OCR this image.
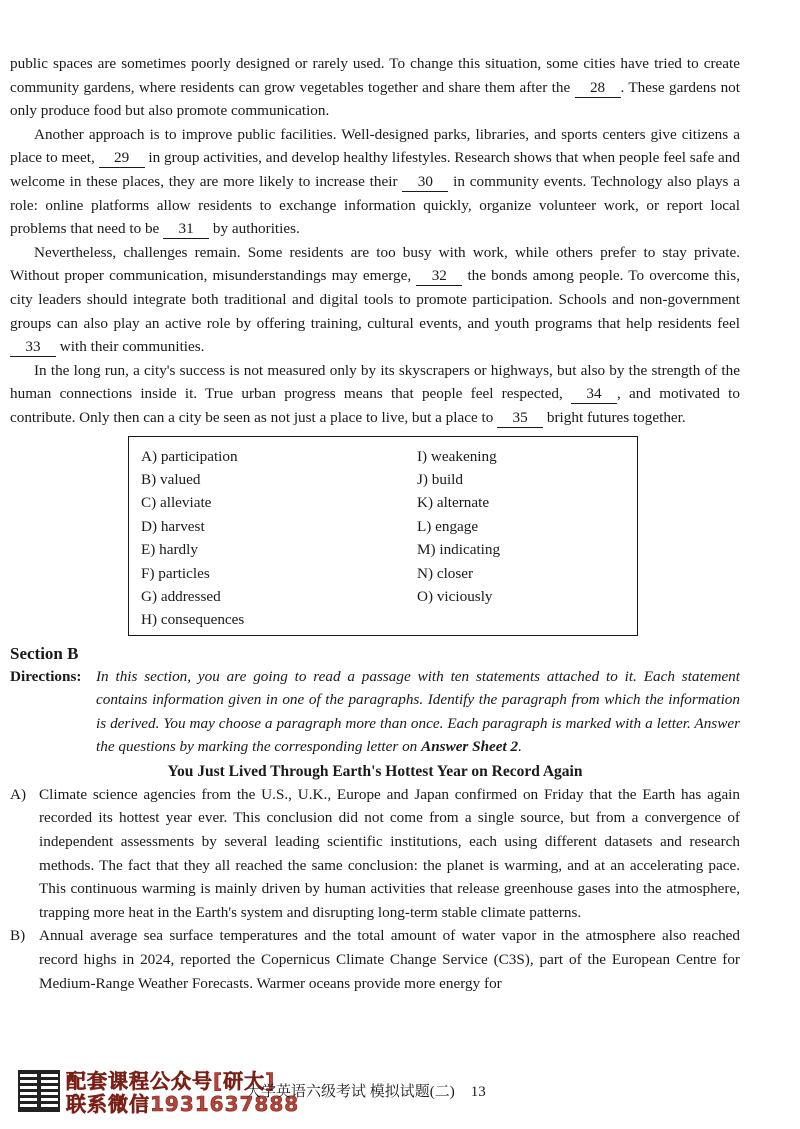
public spaces are sometimes poorly designed or rarely used. To change this situation, some cities have tried to create community gardens, where residents can grow vegetables together and share them after the 28 . These gardens not only produce food but also promote communication.

Another approach is to improve public facilities. Well-designed parks, libraries, and sports centers give citizens a place to meet, 29 in group activities, and develop healthy lifestyles. Research shows that when people feel safe and welcome in these places, they are more likely to increase their 30 in community events. Technology also plays a role: online platforms allow residents to exchange information quickly, organize volunteer work, or report local problems that need to be 31 by authorities.

Nevertheless, challenges remain. Some residents are too busy with work, while others prefer to stay private. Without proper communication, misunderstandings may emerge, 32 the bonds among people. To overcome this, city leaders should integrate both traditional and digital tools to promote participation. Schools and non-government groups can also play an active role by offering training, cultural events, and youth programs that help residents feel 33 with their communities.

In the long run, a city's success is not measured only by its skyscrapers or highways, but also by the strength of the human connections inside it. True urban progress means that people feel respected, 34 , and motivated to contribute. Only then can a city be seen as not just a place to live, but a place to 35 bright futures together.

A) participation
B) valued
C) alleviate
D) harvest
E) hardly
F) particles
G) addressed
H) consequences
I) weakening
J) build
K) alternate
L) engage
M) indicating
N) closer
O) viciously
Section B
Directions: In this section, you are going to read a passage with ten statements attached to it. Each statement contains information given in one of the paragraphs. Identify the paragraph from which the information is derived. You may choose a paragraph more than once. Each paragraph is marked with a letter. Answer the questions by marking the corresponding letter on Answer Sheet 2.
You Just Lived Through Earth's Hottest Year on Record Again
A) Climate science agencies from the U.S., U.K., Europe and Japan confirmed on Friday that the Earth has again recorded its hottest year ever. This conclusion did not come from a single source, but from a convergence of independent assessments by several leading scientific institutions, each using different datasets and research methods. The fact that they all reached the same conclusion: the planet is warming, and at an accelerating pace. This continuous warming is mainly driven by human activities that release greenhouse gases into the atmosphere, trapping more heat in the Earth's system and disrupting long-term stable climate patterns.
B) Annual average sea surface temperatures and the total amount of water vapor in the atmosphere also reached record highs in 2024, reported the Copernicus Climate Change Service (C3S), part of the European Centre for Medium-Range Weather Forecasts. Warmer oceans provide more energy for
配套课程公众号[研大]
联系微信1931637888
大学英语六级考试 模拟试题(二) 13
